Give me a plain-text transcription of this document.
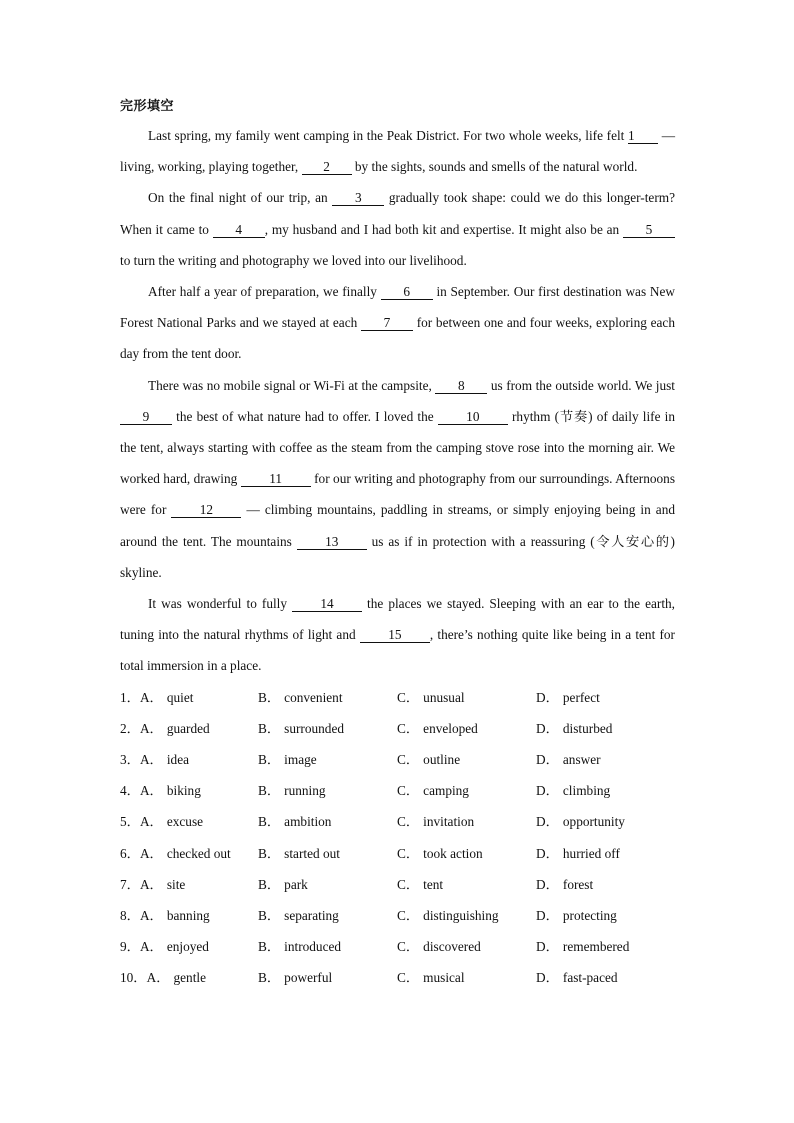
完形填空
Last spring, my family went camping in the Peak District. For two whole weeks, life felt 1 — living, working, playing together, 2 by the sights, sounds and smells of the natural world.
On the final night of our trip, an 3 gradually took shape: could we do this longer-term? When it came to 4 , my husband and I had both kit and expertise. It might also be an 5 to turn the writing and photography we loved into our livelihood.
After half a year of preparation, we finally 6 in September. Our first destination was New Forest National Parks and we stayed at each 7 for between one and four weeks, exploring each day from the tent door.
There was no mobile signal or Wi-Fi at the campsite, 8 us from the outside world. We just 9 the best of what nature had to offer. I loved the 10 rhythm (节奏) of daily life in the tent, always starting with coffee as the steam from the camping stove rose into the morning air. We worked hard, drawing 11 for our writing and photography from our surroundings. Afternoons were for 12 — climbing mountains, paddling in streams, or simply enjoying being in and around the tent. The mountains 13 us as if in protection with a reassuring (令人安心的) skyline.
It was wonderful to fully 14 the places we stayed. Sleeping with an ear to the earth, tuning into the natural rhythms of light and 15 , there’s nothing quite like being in a tent for total immersion in a place.
1．A． quiet	B． convenient	C． unusual	D． perfect
2．A． guarded	B． surrounded	C． enveloped	D． disturbed
3．A． idea	B． image	C． outline	D． answer
4．A． biking	B． running	C． camping	D． climbing
5．A． excuse	B． ambition	C． invitation	D． opportunity
6．A． checked out	B． started out	C． took action	D． hurried off
7．A． site	B． park	C． tent	D． forest
8．A． banning	B． separating	C． distinguishing	D． protecting
9．A． enjoyed	B． introduced	C． discovered	D． remembered
10．A． gentle	B． powerful	C． musical	D． fast-paced
